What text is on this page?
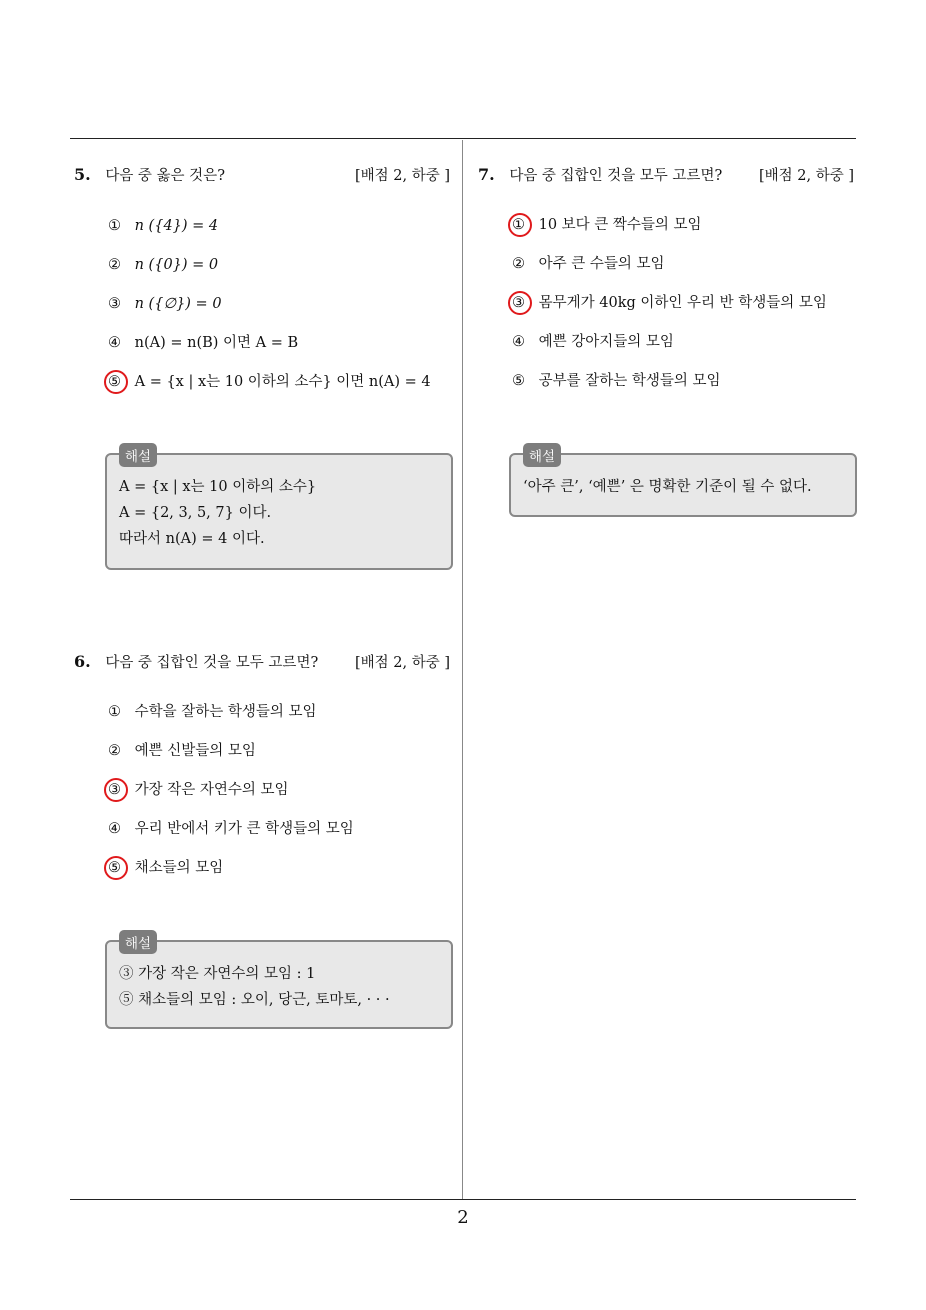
2
5. 다음 중 옳은 것은?	[배점 2, 하중 ]
① n ({4}) = 4
② n ({0}) = 0
③ n ({∅}) = 0
④ n(A) = n(B) 이면 A = B
⑤ A = {x | x는 10 이하의 소수} 이면 n(A) = 4
해설
A = {x | x는 10 이하의 소수}
A = {2, 3, 5, 7} 이다.
따라서 n(A) = 4 이다.
6. 다음 중 집합인 것을 모두 고르면?	[배점 2, 하중 ]
① 수학을 잘하는 학생들의 모임
② 예쁜 신발들의 모임
③ 가장 작은 자연수의 모임
④ 우리 반에서 키가 큰 학생들의 모임
⑤ 채소들의 모임
해설
③ 가장 작은 자연수의 모임 : 1
⑤ 채소들의 모임 : 오이, 당근, 토마토, · · ·
7. 다음 중 집합인 것을 모두 고르면?	[배점 2, 하중 ]
① 10 보다 큰 짝수들의 모임
② 아주 큰 수들의 모임
③ 몸무게가 40kg 이하인 우리 반 학생들의 모임
④ 예쁜 강아지들의 모임
⑤ 공부를 잘하는 학생들의 모임
해설
‘아주 큰’, ‘예쁜’ 은 명확한 기준이 될 수 없다.
